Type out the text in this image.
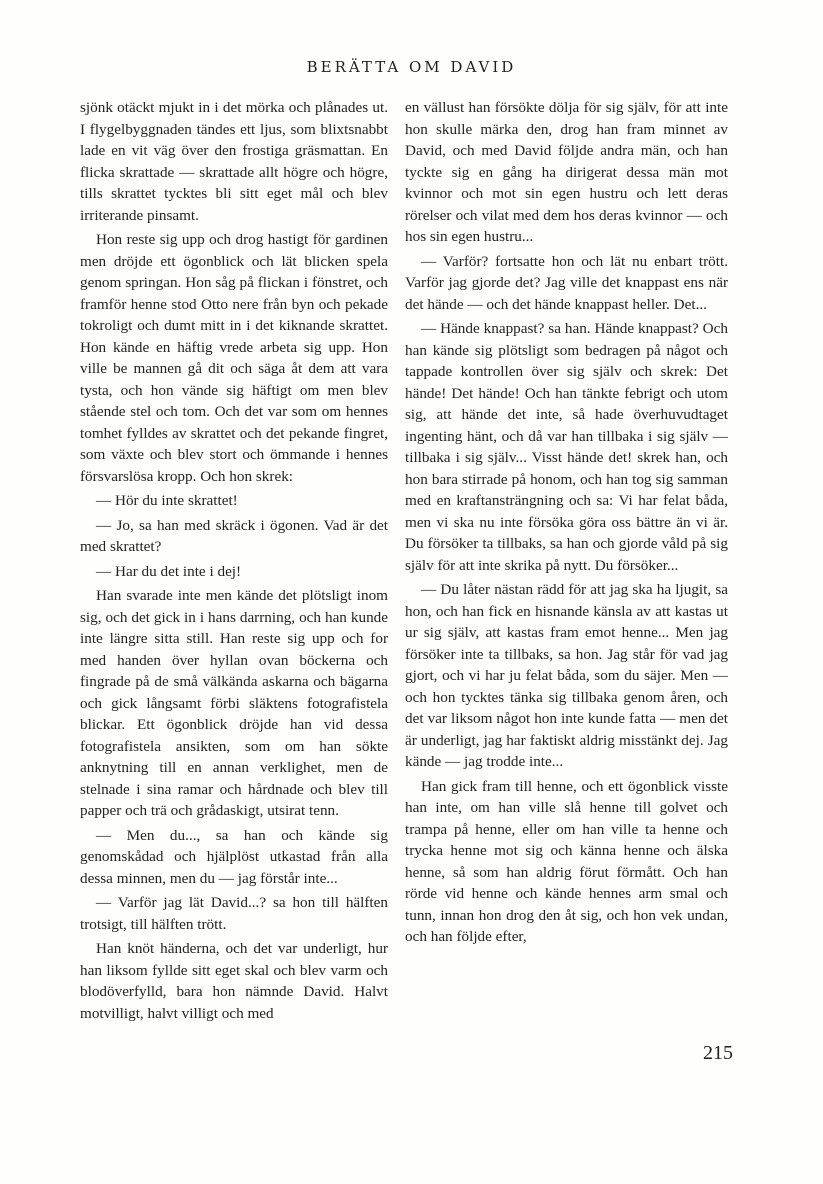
BERÄTTA OM DAVID

sjönk otäckt mjukt in i det mörka och plånades ut. I flygelbyggnaden tändes ett ljus, som blixtsnabbt lade en vit väg över den frostiga gräsmattan. En flicka skrattade — skrattade allt högre och högre, tills skrattet tycktes bli sitt eget mål och blev irriterande pinsamt.

Hon reste sig upp och drog hastigt för gardinen men dröjde ett ögonblick och lät blicken spela genom springan. Hon såg på flickan i fönstret, och framför henne stod Otto nere från byn och pekade tokroligt och dumt mitt in i det kiknande skrattet. Hon kände en häftig vrede arbeta sig upp. Hon ville be mannen gå dit och säga åt dem att vara tysta, och hon vände sig häftigt om men blev stående stel och tom. Och det var som om hennes tomhet fylldes av skrattet och det pekande fingret, som växte och blev stort och ömmande i hennes försvarslösa kropp. Och hon skrek:

— Hör du inte skrattet!

— Jo, sa han med skräck i ögonen. Vad är det med skrattet?

— Har du det inte i dej!

Han svarade inte men kände det plötsligt inom sig, och det gick in i hans darrning, och han kunde inte längre sitta still. Han reste sig upp och for med handen över hyllan ovan böckerna och fingrade på de små välkända askarna och bägarna och gick långsamt förbi släktens fotografistela blickar. Ett ögonblick dröjde han vid dessa fotografistela ansikten, som om han sökte anknytning till en annan verklighet, men de stelnade i sina ramar och hårdnade och blev till papper och trä och grådaskigt, utsirat tenn.

— Men du..., sa han och kände sig genomskådad och hjälplöst utkastad från alla dessa minnen, men du — jag förstår inte...

— Varför jag lät David...? sa hon till hälften trotsigt, till hälften trött.

Han knöt händerna, och det var underligt, hur han liksom fyllde sitt eget skal och blev varm och blodöverfylld, bara hon nämnde David. Halvt motvilligt, halvt villigt och med

en vällust han försökte dölja för sig själv, för att inte hon skulle märka den, drog han fram minnet av David, och med David följde andra män, och han tyckte sig en gång ha dirigerat dessa män mot kvinnor och mot sin egen hustru och lett deras rörelser och vilat med dem hos deras kvinnor — och hos sin egen hustru...

— Varför? fortsatte hon och lät nu enbart trött. Varför jag gjorde det? Jag ville det knappast ens när det hände — och det hände knappast heller. Det...

— Hände knappast? sa han. Hände knappast? Och han kände sig plötsligt som bedragen på något och tappade kontrollen över sig själv och skrek: Det hände! Det hände! Och han tänkte febrigt och utom sig, att hände det inte, så hade överhuvudtaget ingenting hänt, och då var han tillbaka i sig själv — tillbaka i sig själv... Visst hände det! skrek han, och hon bara stirrade på honom, och han tog sig samman med en kraftansträngning och sa: Vi har felat båda, men vi ska nu inte försöka göra oss bättre än vi är. Du försöker ta tillbaks, sa han och gjorde våld på sig själv för att inte skrika på nytt. Du försöker...

— Du låter nästan rädd för att jag ska ha ljugit, sa hon, och han fick en hisnande känsla av att kastas ut ur sig själv, att kastas fram emot henne... Men jag försöker inte ta tillbaks, sa hon. Jag står för vad jag gjort, och vi har ju felat båda, som du säjer. Men — och hon tycktes tänka sig tillbaka genom åren, och det var liksom något hon inte kunde fatta — men det är underligt, jag har faktiskt aldrig misstänkt dej. Jag kände — jag trodde inte...

Han gick fram till henne, och ett ögonblick visste han inte, om han ville slå henne till golvet och trampa på henne, eller om han ville ta henne och trycka henne mot sig och känna henne och älska henne, så som han aldrig förut förmått. Och han rörde vid henne och kände hennes arm smal och tunn, innan hon drog den åt sig, och hon vek undan, och han följde efter,

215
